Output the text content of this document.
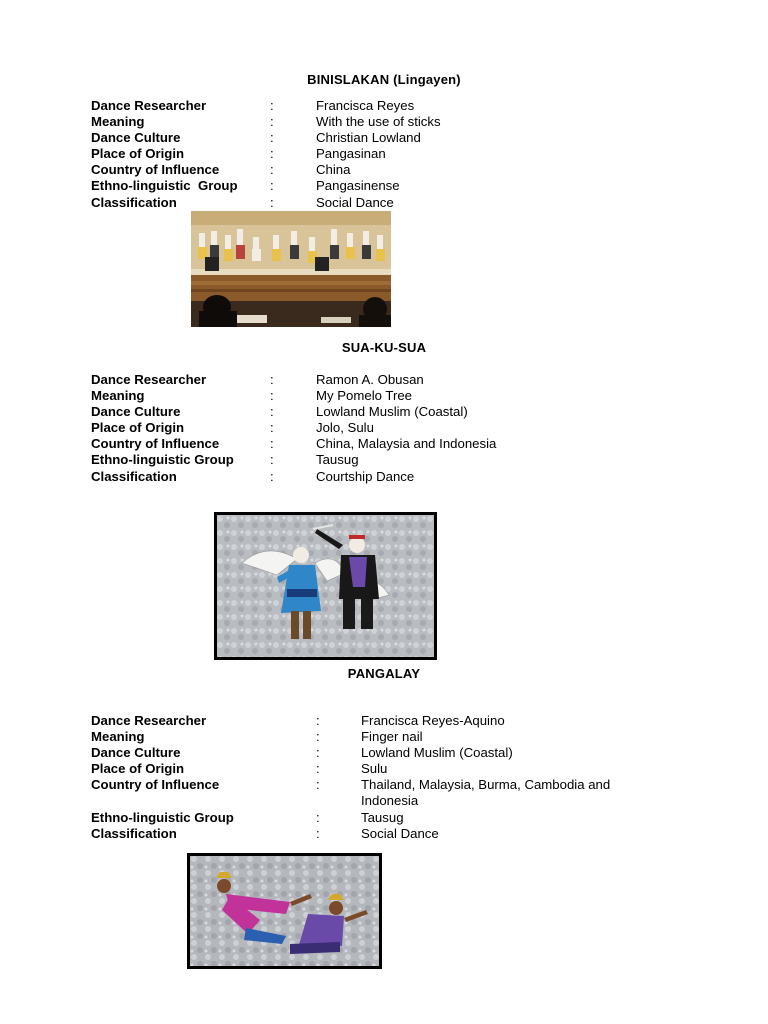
BINISLAKAN (Lingayen)
Dance Researcher	:	Francisca Reyes
Meaning	:	With the use of sticks
Dance Culture	:	Christian Lowland
Place of Origin	:	Pangasinan
Country of Influence	:	China
Ethno-linguistic  Group :	Pangasinense
Classification	:	Social Dance
SUA-KU-SUA
Dance Researcher	:	Ramon A. Obusan
Meaning	:	My Pomelo Tree
Dance Culture	:	Lowland Muslim (Coastal)
Place of Origin	:	Jolo, Sulu
Country of Influence	:	China, Malaysia and Indonesia
Ethno-linguistic Group	:	Tausug
Classification	:	Courtship Dance
PANGALAY
Dance Researcher	:	Francisca Reyes-Aquino
Meaning	:	Finger nail
Dance Culture	:	Lowland Muslim (Coastal)
Place of Origin	:	Sulu
Country of Influence	:	Thailand, Malaysia, Burma, Cambodia and Indonesia
Ethno-linguistic Group	:	Tausug
Classification	:	Social Dance
